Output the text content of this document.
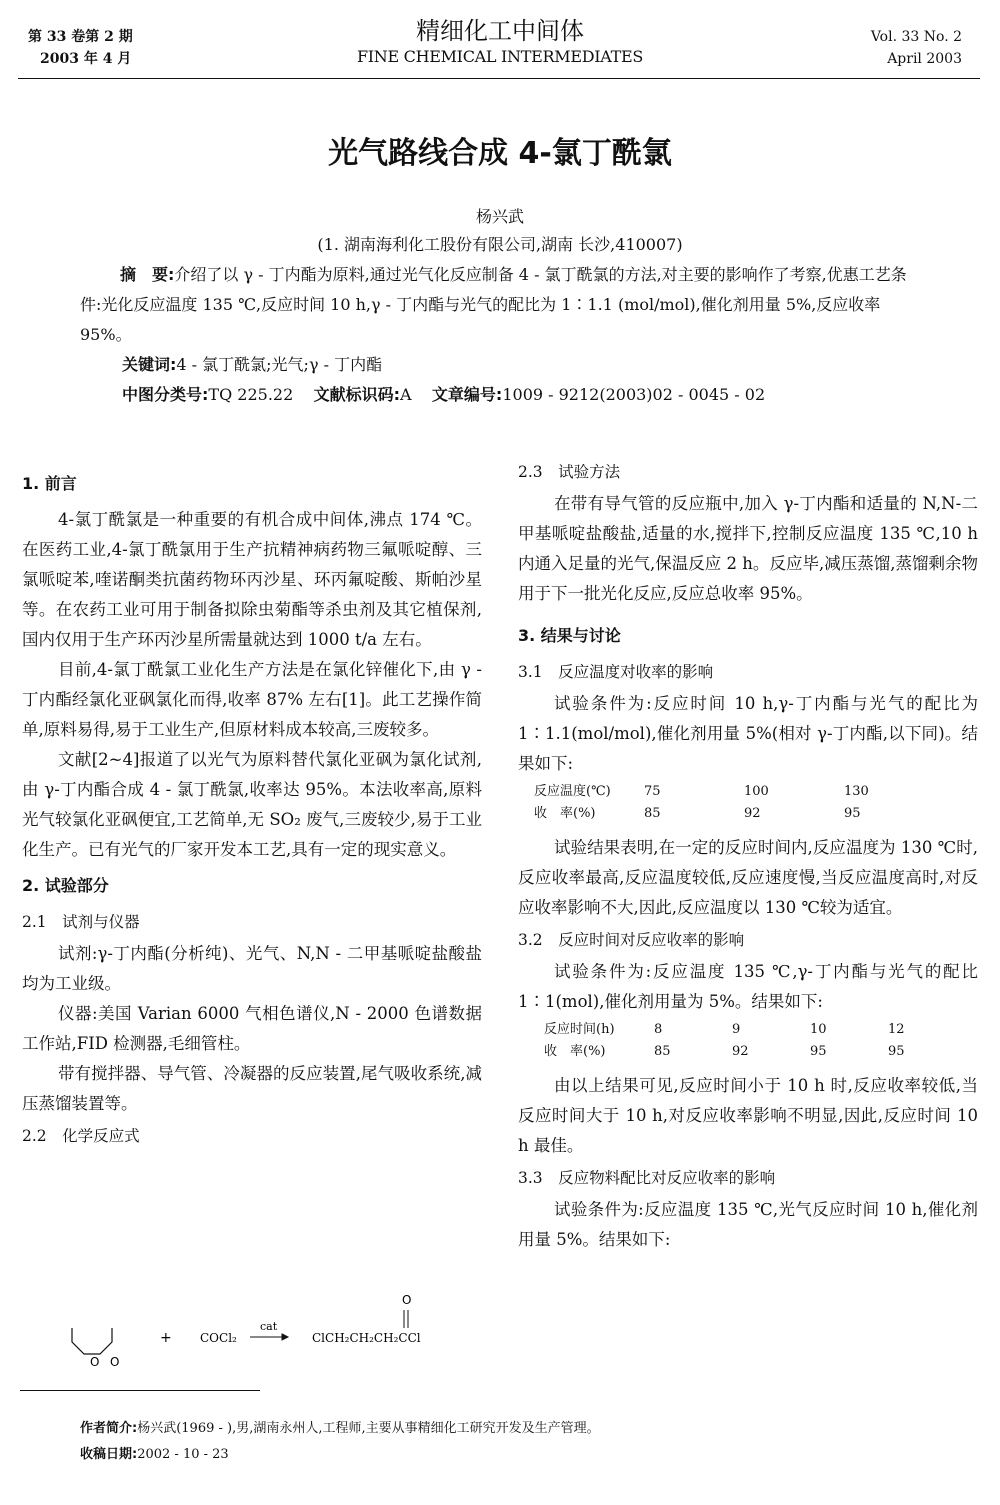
第 33 卷第 2 期
2003 年 4 月
精细化工中间体
FINE CHEMICAL INTERMEDIATES
Vol. 33 No. 2
April 2003
光气路线合成 4-氯丁酰氯
杨兴武
(1. 湖南海利化工股份有限公司,湖南 长沙,410007)

摘　要:介绍了以 γ - 丁内酯为原料,通过光气化反应制备 4 - 氯丁酰氯的方法,对主要的影响作了考察,优惠工艺条件:光化反应温度 135 ℃,反应时间 10 h,γ - 丁内酯与光气的配比为 1∶1.1 (mol/mol),催化剂用量 5%,反应收率 95%。

关键词:4 - 氯丁酰氯;光气;γ - 丁内酯

中图分类号:TQ 225.22 文献标识码:A 文章编号:1009 - 9212(2003)02 - 0045 - 02

1. 前言

4-氯丁酰氯是一种重要的有机合成中间体,沸点 174 ℃。在医药工业,4-氯丁酰氯用于生产抗精神病药物三氟哌啶醇、三氯哌啶苯,喹诺酮类抗菌药物环丙沙星、环丙氟啶酸、斯帕沙星等。在农药工业可用于制备拟除虫菊酯等杀虫剂及其它植保剂,国内仅用于生产环丙沙星所需量就达到 1000 t/a 左右。

目前,4-氯丁酰氯工业化生产方法是在氯化锌催化下,由 γ - 丁内酯经氯化亚砜氯化而得,收率 87% 左右[1]。此工艺操作简单,原料易得,易于工业生产,但原材料成本较高,三废较多。

文献[2~4]报道了以光气为原料替代氯化亚砜为氯化试剂,由 γ-丁内酯合成 4 - 氯丁酰氯,收率达 95%。本法收率高,原料光气较氯化亚砜便宜,工艺简单,无 SO₂ 废气,三废较少,易于工业化生产。已有光气的厂家开发本工艺,具有一定的现实意义。

2. 试验部分

2.1　试剂与仪器

试剂:γ-丁内酯(分析纯)、光气、N,N - 二甲基哌啶盐酸盐均为工业级。

仪器:美国 Varian 6000 气相色谱仪,N - 2000 色谱数据工作站,FID 检测器,毛细管柱。

带有搅拌器、导气管、冷凝器的反应装置,尾气吸收系统,减压蒸馏装置等。

2.2　化学反应式

O O
+ COCl₂
cat
O
ClCH₂CH₂CH₂CCl

2.3　试验方法

在带有导气管的反应瓶中,加入 γ-丁内酯和适量的 N,N-二甲基哌啶盐酸盐,适量的水,搅拌下,控制反应温度 135 ℃,10 h 内通入足量的光气,保温反应 2 h。反应毕,减压蒸馏,蒸馏剩余物用于下一批光化反应,反应总收率 95%。

3. 结果与讨论

3.1　反应温度对收率的影响

试验条件为:反应时间 10 h,γ-丁内酯与光气的配比为 1∶1.1(mol/mol),催化剂用量 5%(相对 γ-丁内酯,以下同)。结果如下:

反应温度(℃)	75	100	130
收　率(%)	85	92	95

试验结果表明,在一定的反应时间内,反应温度为 130 ℃时,反应收率最高,反应温度较低,反应速度慢,当反应温度高时,对反应收率影响不大,因此,反应温度以 130 ℃较为适宜。

3.2　反应时间对反应收率的影响

试验条件为:反应温度 135 ℃,γ-丁内酯与光气的配比 1∶1(mol),催化剂用量为 5%。结果如下:

反应时间(h)	8	9	10	12
收　率(%)	85	92	95	95

由以上结果可见,反应时间小于 10 h 时,反应收率较低,当反应时间大于 10 h,对反应收率影响不明显,因此,反应时间 10 h 最佳。

3.3　反应物料配比对反应收率的影响

试验条件为:反应温度 135 ℃,光气反应时间 10 h,催化剂用量 5%。结果如下:

作者简介:杨兴武(1969 - ),男,湖南永州人,工程师,主要从事精细化工研究开发及生产管理。
收稿日期:2002 - 10 - 23
